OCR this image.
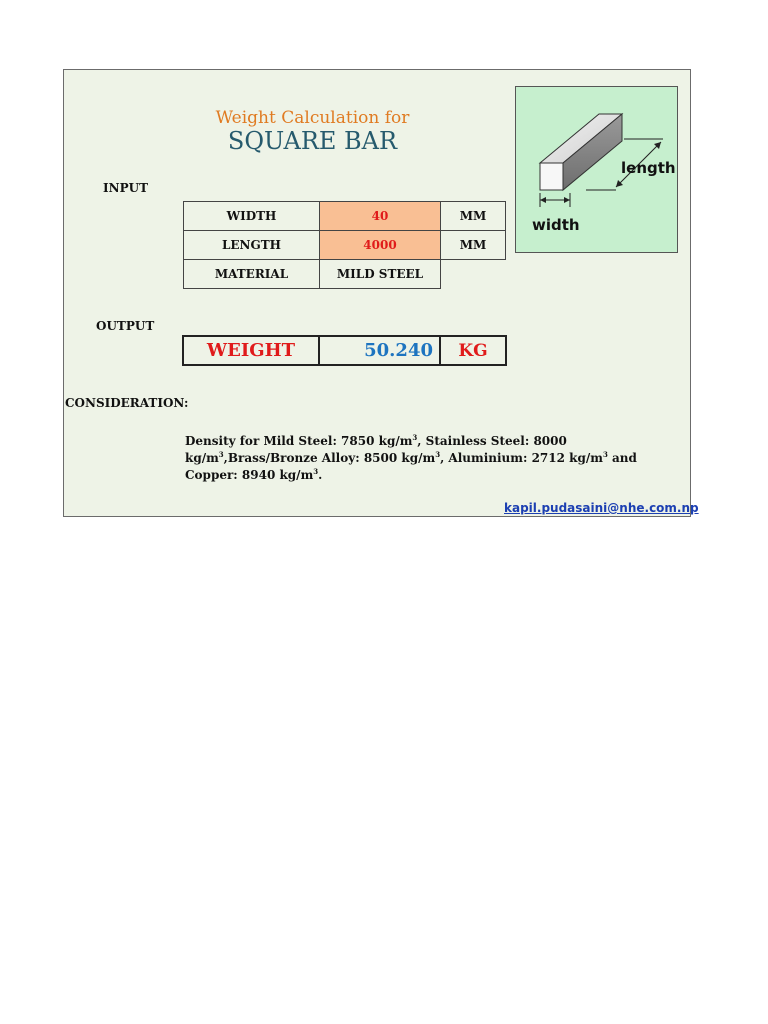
Weight Calculation for
SQUARE BAR
INPUT
WIDTH	40	MM
LENGTH	4000	MM
MATERIAL	MILD STEEL	
OUTPUT
WEIGHT	50.240	KG
CONSIDERATION:
Density for Mild Steel: 7850 $kg/m^3$, Stainless Steel: 8000 $kg/m^3,Brass$/Bronze Alloy: 8500 $kg/m^3$, Aluminium: 2712 $kg/m^3$ and Copper: 8940 $kg/m^3$.
kapil.pudasaini@nhe.com.np
length
width
